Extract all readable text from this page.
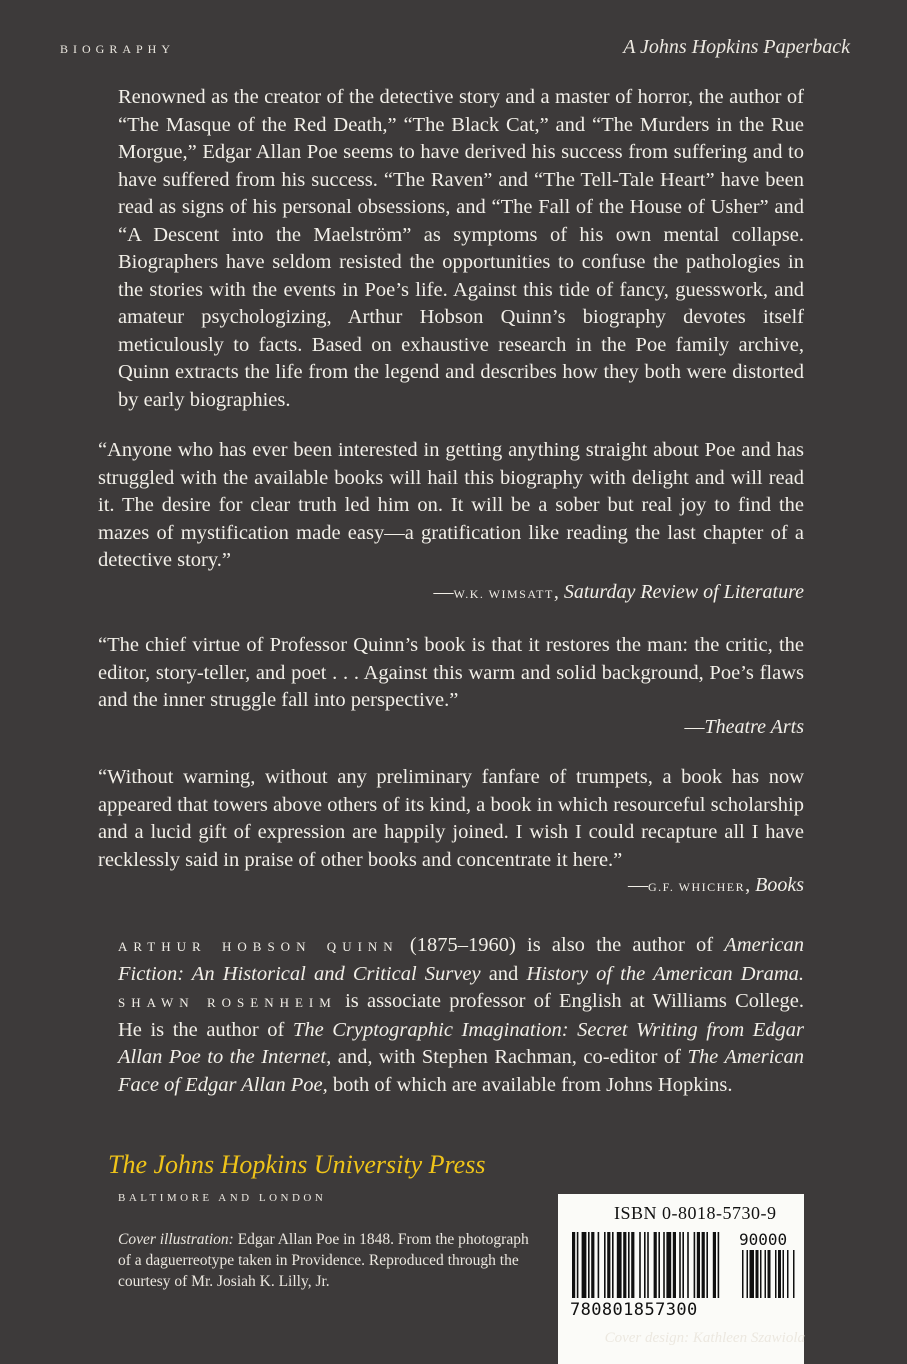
BIOGRAPHY	A Johns Hopkins Paperback

Renowned as the creator of the detective story and a master of horror, the author of “The Masque of the Red Death,” “The Black Cat,” and “The Murders in the Rue Morgue,” Edgar Allan Poe seems to have derived his success from suffering and to have suffered from his success. “The Raven” and “The Tell-Tale Heart” have been read as signs of his personal obsessions, and “The Fall of the House of Usher” and “A Descent into the Maelström” as symptoms of his own mental collapse. Biographers have seldom resisted the opportunities to confuse the pathologies in the stories with the events in Poe’s life. Against this tide of fancy, guesswork, and amateur psychologizing, Arthur Hobson Quinn’s biography devotes itself meticulously to facts. Based on exhaustive research in the Poe family archive, Quinn extracts the life from the legend and describes how they both were distorted by early biographies.

“Anyone who has ever been interested in getting anything straight about Poe and has struggled with the available books will hail this biography with delight and will read it. The desire for clear truth led him on. It will be a sober but real joy to find the mazes of mystification made easy—a gratification like reading the last chapter of a detective story.”

—W.K. WIMSATT, Saturday Review of Literature

“The chief virtue of Professor Quinn’s book is that it restores the man: the critic, the editor, story-teller, and poet . . . Against this warm and solid background, Poe’s flaws and the inner struggle fall into perspective.”

—Theatre Arts

“Without warning, without any preliminary fanfare of trumpets, a book has now appeared that towers above others of its kind, a book in which resourceful scholarship and a lucid gift of expression are happily joined. I wish I could recapture all I have recklessly said in praise of other books and concentrate it here.”

—G.F. WHICHER, Books

ARTHUR HOBSON QUINN (1875–1960) is also the author of American Fiction: An Historical and Critical Survey and History of the American Drama. SHAWN ROSENHEIM is associate professor of English at Williams College. He is the author of The Cryptographic Imagination: Secret Writing from Edgar Allan Poe to the Internet, and, with Stephen Rachman, co-editor of The American Face of Edgar Allan Poe, both of which are available from Johns Hopkins.

The Johns Hopkins University Press
BALTIMORE AND LONDON
Cover illustration: Edgar Allan Poe in 1848. From the photograph of a daguerreotype taken in Providence. Reproduced through the courtesy of Mr. Josiah K. Lilly, Jr.
ISBN 0-8018-5730-9
90000
780801857300
Cover design: Kathleen Szawiola
